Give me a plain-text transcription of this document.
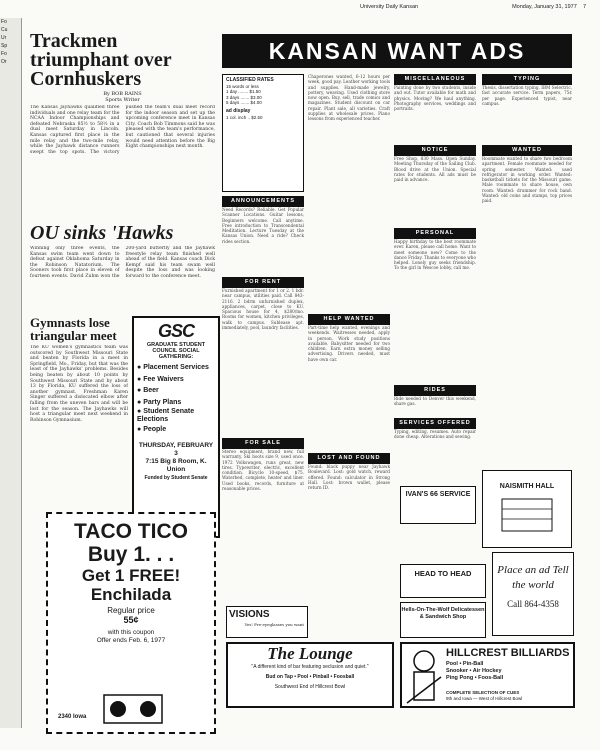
University Daily Kansan	Monday, January 31, 1977 7
Fo
Cu
Ur
Sp
Fo
Or
Trackmen triumphant over Cornhuskers
By BOB RAINS
Sports Writer
The Kansas Jayhawks qualified three individuals and one relay team for the NCAA Indoor Championships and defeated Nebraska 85½ to 58½ in a dual meet Saturday in Lincoln. Kansas captured first place in the mile relay and the two-mile relay, while the Jayhawk distance runners swept the top spots. The victory pushed the team's dual meet record for the indoor season and set up the upcoming conference meet in Kansas City. Coach Bob Timmons said he was pleased with the team's performance, but cautioned that several injuries would need attention before the Big Eight championships next month.
OU sinks 'Hawks
Winning only three events, the Kansas swim team went down to defeat against Oklahoma Saturday in the Robinson Natatorium. The Sooners took first place in eleven of fourteen events. David Zuhm won the 200-yard butterfly and the Jayhawk freestyle relay team finished well ahead of the field. Kansas coach Dick Kempf said his team swam well despite the loss and was looking forward to the conference meet.
Gymnasts lose triangular meet
The KU women's gymnastics team was outscored by Southwest Missouri State and beaten by Florida in a meet in Springfield, Mo., Friday, but that was the least of the Jayhawks' problems. Besides being beaten by about 10 points by Southwest Missouri State and by about 13 by Florida, KU suffered the loss of another gymnast. Freshman Karen Singer suffered a dislocated elbow after falling from the uneven bars and will be lost for the season. The Jayhawks will host a triangular meet next weekend in Robinson Gymnasium.
GSC
GRADUATE STUDENT COUNCIL SOCIAL GATHERING:
● Placement Services
● Fee Waivers
● Beer
● Party Plans
● Student Senate Elections
● People
THURSDAY, FEBRUARY 3
7:15 Big 8 Room, K. Union
Funded by Student Senate
TACO TICO
Buy 1. . .
Get 1 FREE!
Enchilada
Regular price
55¢
with this coupon
Offer ends Feb. 6, 1977
2340 Iowa
KANSAN WANT ADS
CLASSIFIED RATES
15 words or less
1 day ........ $1.50
3 days ....... $3.00
5 days ....... $4.00
ad display
1 col. inch .. $2.50
ANNOUNCEMENTS
Need Records? Reliable. Get Popular Scanner Locations. Guitar lessons, Beginners welcome. Call anytime. Free introduction to Transcendental Meditation. Lecture Tuesday at the Kansas Union. Need a ride? Check rides section.
FOR RENT
Furnished apartment for 1 or 2. 1 bdr. near campus, utilities paid. Call 843-2116. 2 bdrm unfurnished duplex, appliances, carpet, close to KU. Spacious house for 4, $280/mo. Rooms for women, kitchen privileges, walk to campus. Sublease apt. immediately, pool, laundry facilities.
FOR SALE
Stereo equipment, brand new, full warranty. Ski boots size 9, used once. 1972 Volkswagen, runs great, new tires. Typewriter, electric, excellent condition. Bicycle 10-speed, $75. Waterbed, complete, heater and liner. Used books, records, furniture at reasonable prices.
Chaperones wanted, 6-12 hours per week, good pay. Leather working tools and supplies. Hand-made jewelry, pottery, weaving. Used clothing store now open. Buy, sell, trade comics and magazines. Student discount on car repair. Plant sale, all varieties. Craft supplies at wholesale prices. Piano lessons from experienced teacher.
HELP WANTED
Part-time help wanted, evenings and weekends. Waitresses needed, apply in person. Work study positions available. Babysitter needed for two children. Earn extra money selling advertising. Drivers needed, must have own car.
LOST AND FOUND
Found: black puppy near Jayhawk Boulevard. Lost: gold watch, reward offered. Found: calculator in Strong Hall. Lost: brown wallet, please return ID.
MISCELLANEOUS
Painting done by two students, inside and out. Tutor available for math and physics. Moving? We haul anything. Photography services, weddings and portraits.
NOTICE
Free Shop, 830 Mass. Open Sunday. Meeting Thursday of the Sailing Club. Blood drive at the Union. Special rates for students. All ads must be paid in advance.
PERSONAL
Happy birthday to the best roommate ever. Karen, please call home. Want to meet someone new? Come to the dance Friday. Thanks to everyone who helped. Lonely guy seeks friendship. To the girl in Wescoe lobby, call me.
RIDES
Ride needed to Denver this weekend, share gas.
SERVICES OFFERED
Typing, editing, resumes. Auto repair done cheap. Alterations and sewing.
TYPING
Thesis, dissertation typing. IBM Selectric, fast accurate service. Term papers, 75¢ per page. Experienced typist, near campus.
WANTED
Roommate wanted to share two bedroom apartment. Female roommate needed for spring semester. Wanted: used refrigerator in working order. Wanted: basketball tickets for the Missouri game. Male roommate to share house, own room. Wanted: drummer for rock band. Wanted: old coins and stamps, top prices paid.
IVAN'S 66 SERVICE
NAISMITH HALL
Place an ad Tell the world
Call 864-4358
HEAD TO HEAD
Hells-On-The-Wolf Delicatessen & Sandwich Shop
VISIONS
Yes! Pre-eyeglasses you want
The Lounge
"A different kind of bar featuring seclusion and quiet."
Bud on Tap • Pool • Pinball • Foosball
Southwest End of Hillcrest Bowl
HILLCREST BILLIARDS
Pool • Pin-Ball
Snooker • Air Hockey
Ping Pong • Foos-Ball
COMPLETE SELECTION OF CUES
9th and Iowa — West of Hillcrest Bowl
